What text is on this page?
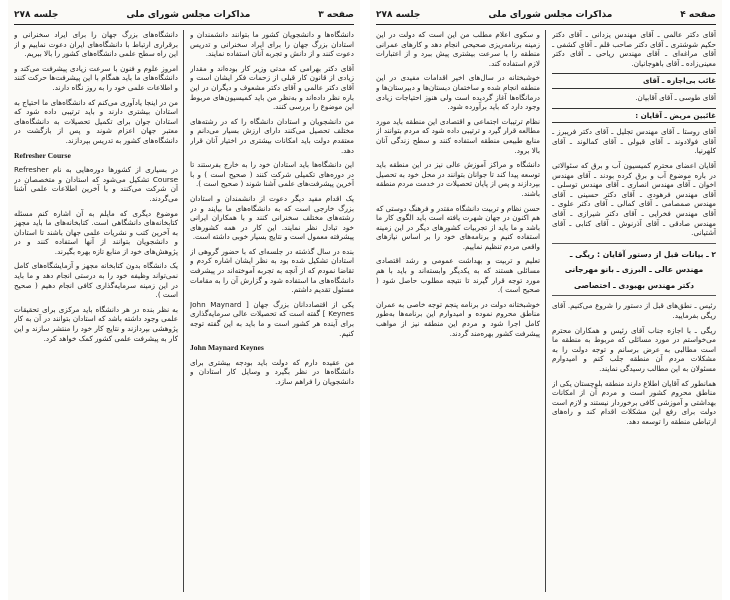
صفحه ۳
مذاکرات مجلس شورای ملی
جلسه ۲۷۸

دانشگاه‌ها و دانشجویان کشور ما بتوانند دانشمندان و استادان بزرگ جهان را برای ایراد سخنرانی و تدریس دعوت کنند و از دانش و تجربه آنان استفاده نمایند.

آقای دکتر بهرامی که مدتی وزیر کار بوده‌اند و مقدار زیادی از قانون کار قبلی از زحمات فکر ایشان است و آقای دکتر عالمی و آقای دکتر مشعوف و دیگران در این باره نظر داده‌اند و به‌نظر من باید کمیسیون‌های مربوط این موضوع را بررسی کنند.

من دانشجویان و استادان دانشگاه را که در رشته‌های مختلف تحصیل می‌کنند دارای ارزش بسیار می‌دانم و معتقدم دولت باید امکانات بیشتری در اختیار آنان قرار دهد.

این دانشگاه‌ها باید استادان خود را به خارج بفرستند تا در دوره‌های تکمیلی شرکت کنند ( صحیح است ) و با آخرین پیشرفت‌های علمی آشنا شوند ( صحیح است ).

یک اقدام مفید دیگر دعوت از دانشمندان و استادان بزرگ خارجی است که به دانشگاه‌های ما بیایند و در رشته‌های مختلف سخنرانی کنند و با همکاران ایرانی خود تبادل نظر نمایند. این کار در همه کشورهای پیشرفته معمول است و نتایج بسیار خوبی داشته است.

بنده در سال گذشته در جلسه‌ای که با حضور گروهی از استادان تشکیل شده بود به نظر ایشان اشاره کردم و تقاضا نمودم که از آنچه به تجربه آموخته‌اند در پیشرفت دانشگاه‌های ما استفاده شود و گزارش آن را به مقامات مسئول تقدیم داشتم.

یکی از اقتصاددانان بزرگ جهان [ John Maynard Keynes ] گفته است که تحصیلات عالی سرمایه‌گذاری برای آینده هر کشور است و ما باید به این گفته توجه کنیم.

John Maynard Keynes

من عقیده دارم که دولت باید بودجه بیشتری برای دانشگاه‌ها در نظر بگیرد و وسایل کار استادان و دانشجویان را فراهم سازد.

دانشگاه‌های بزرگ جهان را برای ایراد سخنرانی و برقراری ارتباط با دانشگاه‌های ایران دعوت نماییم و از این راه سطح علمی دانشگاه‌های کشور را بالا ببریم.

امروز علوم و فنون با سرعت زیادی پیشرفت می‌کند و دانشگاه‌های ما باید همگام با این پیشرفت‌ها حرکت کنند و اطلاعات علمی خود را به روز نگاه دارند.

من در اینجا یادآوری می‌کنم که دانشگاه‌های ما احتیاج به استادان بیشتری دارند و باید ترتیبی داده شود که استادان جوان برای تکمیل تحصیلات به دانشگاه‌های معتبر جهان اعزام شوند و پس از بازگشت در دانشگاه‌های کشور به تدریس بپردازند.

Refresher Course

در بسیاری از کشورها دوره‌هایی به نام Refresher Course تشکیل می‌شود که استادان و متخصصان در آن شرکت می‌کنند و با آخرین اطلاعات علمی آشنا می‌گردند.

موضوع دیگری که مایلم به آن اشاره کنم مسئله کتابخانه‌های دانشگاهی است. کتابخانه‌های ما باید مجهز به آخرین کتب و نشریات علمی جهان باشند تا استادان و دانشجویان بتوانند از آنها استفاده کنند و در پژوهش‌های خود از منابع تازه بهره بگیرند.

یک دانشگاه بدون کتابخانه مجهز و آزمایشگاه‌های کامل نمی‌تواند وظیفه خود را به درستی انجام دهد و ما باید در این زمینه سرمایه‌گذاری کافی انجام دهیم ( صحیح است ).

به نظر بنده در هر دانشگاه باید مرکزی برای تحقیقات علمی وجود داشته باشد که استادان بتوانند در آن به کار پژوهشی بپردازند و نتایج کار خود را منتشر سازند و این کار به پیشرفت علمی کشور کمک خواهد کرد.

صفحه ۴
مذاکرات مجلس شورای ملی
جلسه ۲۷۸

آقای دکتر عالمی ـ آقای مهندس یزدانی ـ آقای دکتر حکیم شوشتری ـ آقای دکتر صاحب قلم ـ آقای کشفی ـ آقای مراغه‌ای ـ آقای مهندس ریاحی ـ آقای دکتر معینی‌زاده ـ آقای باهوجانیان.

غائب بی‌اجازه ـ آقای

آقای طوسی ـ آقای آقابیان.

غائبین مریض ـ آقایان :

آقای روستا ـ آقای مهندس تجلیل ـ آقای دکتر فریبرز ـ آقای فولادوند ـ آقای قبولی ـ آقای کمالوند ـ آقای کلهرنیا.

آقایان اعضای محترم کمیسیون آب و برق که سئوالاتی در باره موضوع آب و برق کرده بودند ـ آقای مهندس اخوان ـ آقای مهندس انصاری ـ آقای مهندس توسلی ـ آقای مهندس فرهودی ـ آقای دکتر حسینی ـ آقای مهندس صمصامی ـ آقای کمالی ـ آقای دکتر علوی ـ آقای مهندس فخرایی ـ آقای دکتر شیرازی ـ آقای مهندس صادقی ـ آقای آذرنوش ـ آقای کتابی ـ آقای آشتیانی.

۲ ـ بیانات قبل از دستور آقایان : ریگی ـ
مهندس عالی ـ البرزی ـ بانو مهرجانی
دکتر مهندس بهبودی ـ اختصاصی

رئیس ـ نطق‌های قبل از دستور را شروع می‌کنیم. آقای ریگی بفرمایید.

ریگی ـ با اجازه جناب آقای رئیس و همکاران محترم می‌خواستم در مورد مسائلی که مربوط به منطقه ما است مطالبی به عرض برسانم و توجه دولت را به مشکلات مردم آن منطقه جلب کنم و امیدوارم مسئولان به این مطالب رسیدگی نمایند.

همانطور که آقایان اطلاع دارند منطقه بلوچستان یکی از مناطق محروم کشور است و مردم آن از امکانات بهداشتی و آموزشی کافی برخوردار نیستند و لازم است دولت برای رفع این مشکلات اقدام کند و راه‌های ارتباطی منطقه را توسعه دهد.

و سکوی اعلام مطلب من این است که دولت در این زمینه برنامه‌ریزی صحیحی انجام دهد و کارهای عمرانی منطقه را با سرعت بیشتری پیش ببرد و از اعتبارات لازم استفاده کند.

خوشبختانه در سال‌های اخیر اقدامات مفیدی در این منطقه انجام شده و ساختمان دبستان‌ها و دبیرستان‌ها و درمانگاه‌ها آغاز گردیده است ولی هنوز احتیاجات زیادی وجود دارد که باید برآورده شود.

نظام ترتیبات اجتماعی و اقتصادی این منطقه باید مورد مطالعه قرار گیرد و ترتیبی داده شود که مردم بتوانند از منابع طبیعی منطقه استفاده کنند و سطح زندگی آنان بالا برود.

دانشگاه و مراکز آموزش عالی نیز در این منطقه باید توسعه پیدا کند تا جوانان بتوانند در محل خود به تحصیل بپردازند و پس از پایان تحصیلات در خدمت مردم منطقه باشند.

حسن نظام و تربیت دانشگاه مقتدر و فرهنگ دوستی که هم اکنون در جهان شهرت یافته است باید الگوی کار ما باشد و ما باید از تجربیات کشورهای دیگر در این زمینه استفاده کنیم و برنامه‌های خود را بر اساس نیازهای واقعی مردم تنظیم نماییم.

تعلیم و تربیت و بهداشت عمومی و رشد اقتصادی مسائلی هستند که به یکدیگر وابسته‌اند و باید با هم مورد توجه قرار گیرند تا نتیجه مطلوب حاصل شود ( صحیح است ).

خوشبختانه دولت در برنامه پنجم توجه خاصی به عمران مناطق محروم نموده و امیدوارم این برنامه‌ها به‌طور کامل اجرا شود و مردم این منطقه نیز از مواهب پیشرفت کشور بهره‌مند گردند.
